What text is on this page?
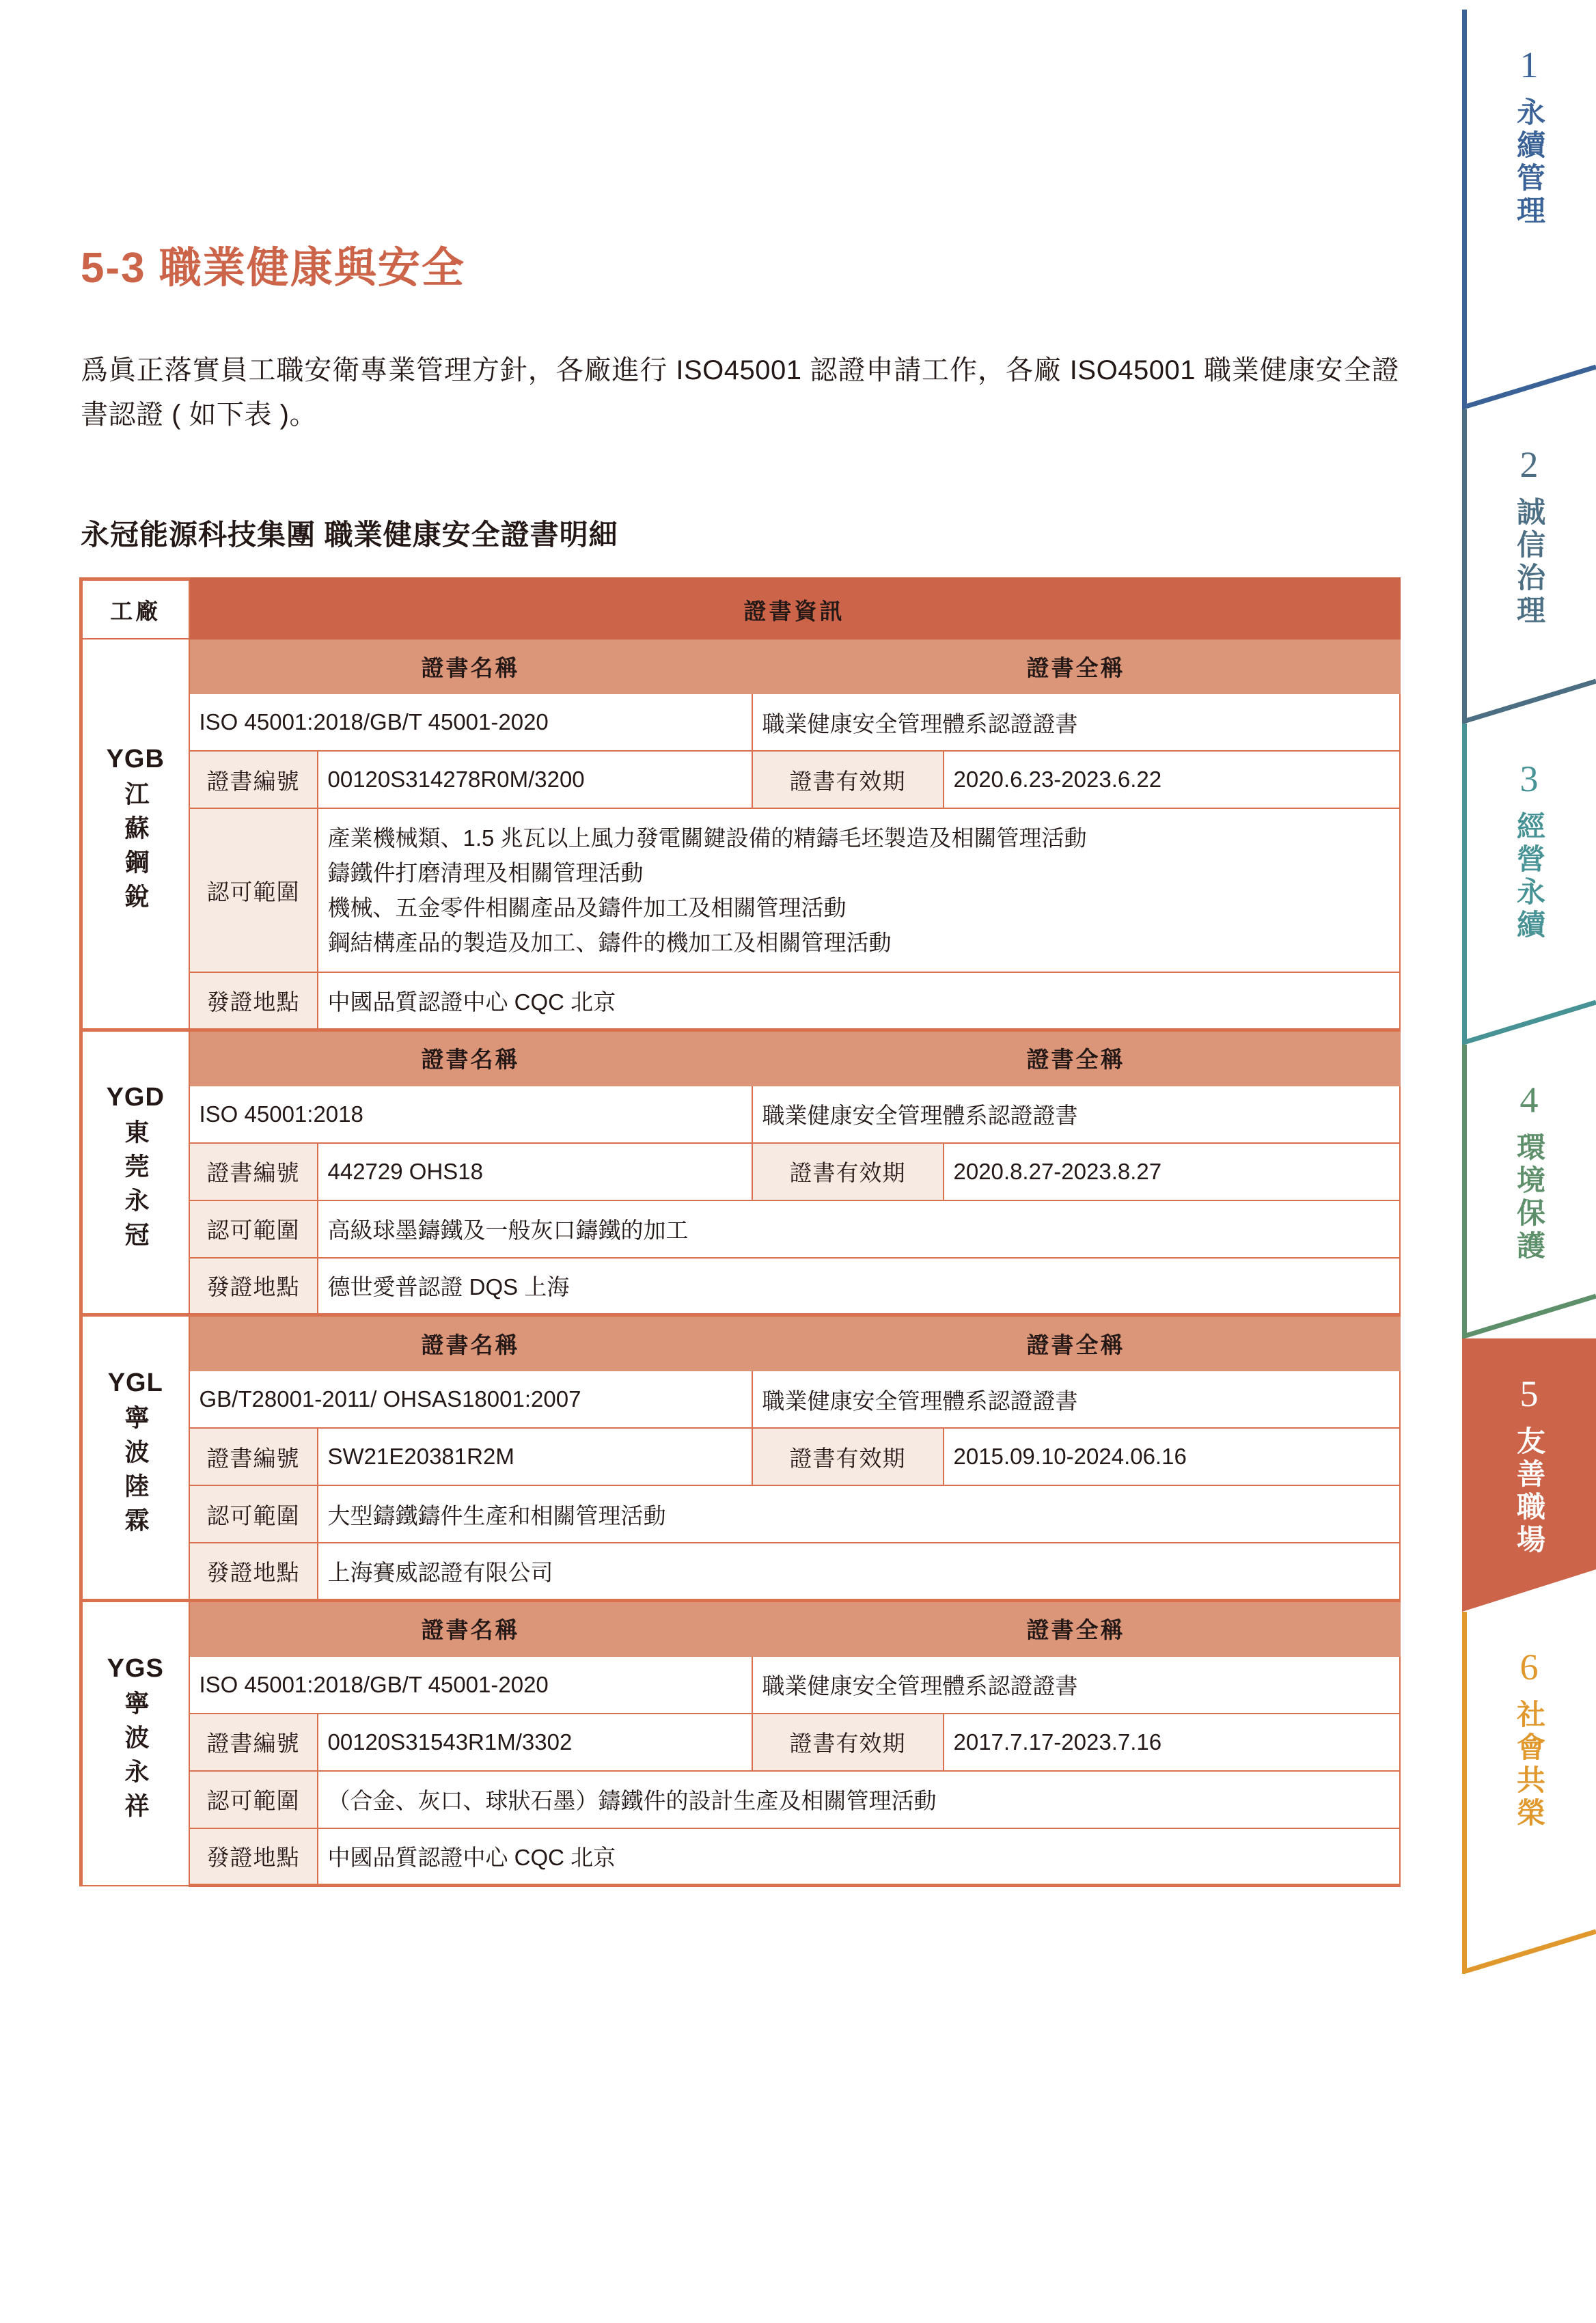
5-3 職業健康與安全

爲眞正落實員工職安衛專業管理方針，各廠進行 ISO45001 認證申請工作，各廠 ISO45001 職業健康安全證書認證 ( 如下表 )。

永冠能源科技集團 職業健康安全證書明細
工廠	證書資訊			

YGB
江蘇鋼銳	證書名稱		證書全稱	
	ISO 45001:2018/GB/T 45001-2020		職業健康安全管理體系認證證書	
	證書編號	00120S314278R0M/3200	證書有效期	2020.6.23-2023.6.22
	認可範圍	產業機械類、1.5 兆瓦以上風力發電關鍵設備的精鑄毛坯製造及相關管理活動
鑄鐵件打磨清理及相關管理活動
機械、五金零件相關產品及鑄件加工及相關管理活動
鋼結構產品的製造及加工、鑄件的機加工及相關管理活動		

	發證地點	中國品質認證中心 CQC 北京		

YGD
東莞永冠	證書名稱		證書全稱	
	ISO 45001:2018		職業健康安全管理體系認證證書	
	證書編號	442729 OHS18	證書有效期	2020.8.27-2023.8.27
	認可範圍	高級球墨鑄鐵及一般灰口鑄鐵的加工		

	發證地點	德世愛普認證 DQS 上海		

YGL
寧波陸霖	證書名稱		證書全稱	
	GB/T28001-2011/ OHSAS18001:2007		職業健康安全管理體系認證證書	
	證書編號	SW21E20381R2M	證書有效期	2015.09.10-2024.06.16
	認可範圍	大型鑄鐵鑄件生產和相關管理活動		

	發證地點	上海賽威認證有限公司		

YGS
寧波永祥	證書名稱		證書全稱	
	ISO 45001:2018/GB/T 45001-2020		職業健康安全管理體系認證證書	
	證書編號	00120S31543R1M/3302	證書有效期	2017.7.17-2023.7.16
	認可範圍	（合金、灰口、球狀石墨）鑄鐵件的設計生產及相關管理活動		

	發證地點	中國品質認證中心 CQC 北京		
1
永續管理
2
誠信治理
3
經營永續
4
環境保護
5
友善職場
6
社會共榮
